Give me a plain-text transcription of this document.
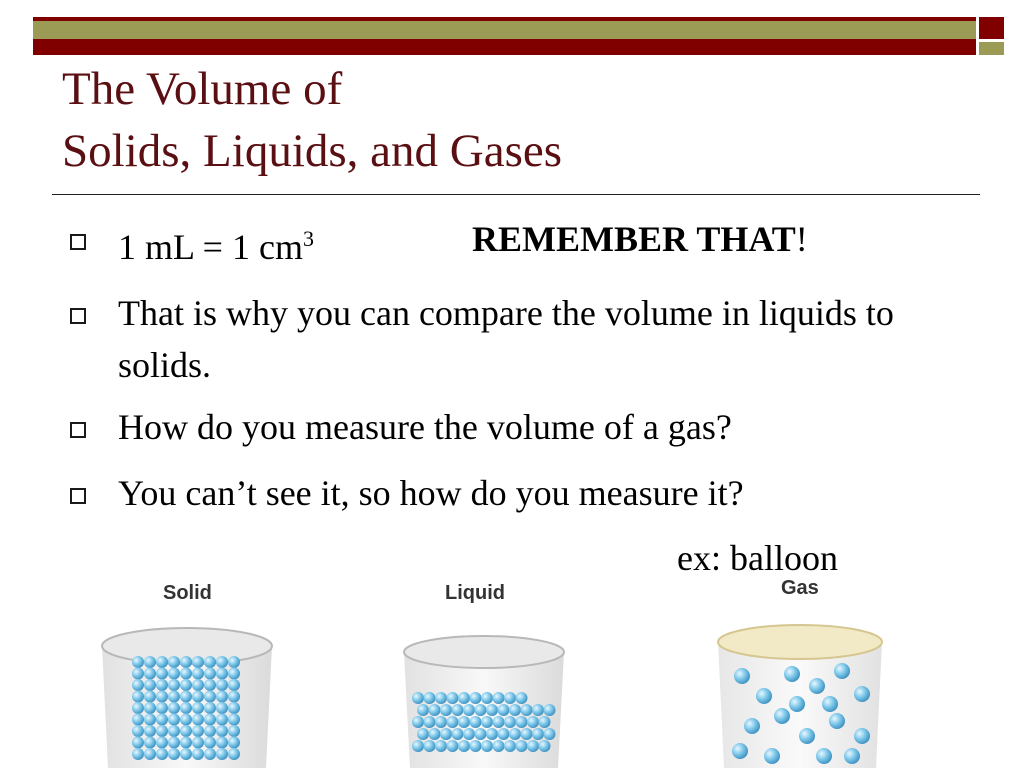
The Volume of
Solids, Liquids, and Gases
1 mL = 1 $cm^3$	REMEMBER THAT!
That is why you can compare the volume in liquids to solids.
How do you measure the volume of a gas?
You can’t see it, so how do you measure it?
ex: balloon
Solid	Liquid	Gas
